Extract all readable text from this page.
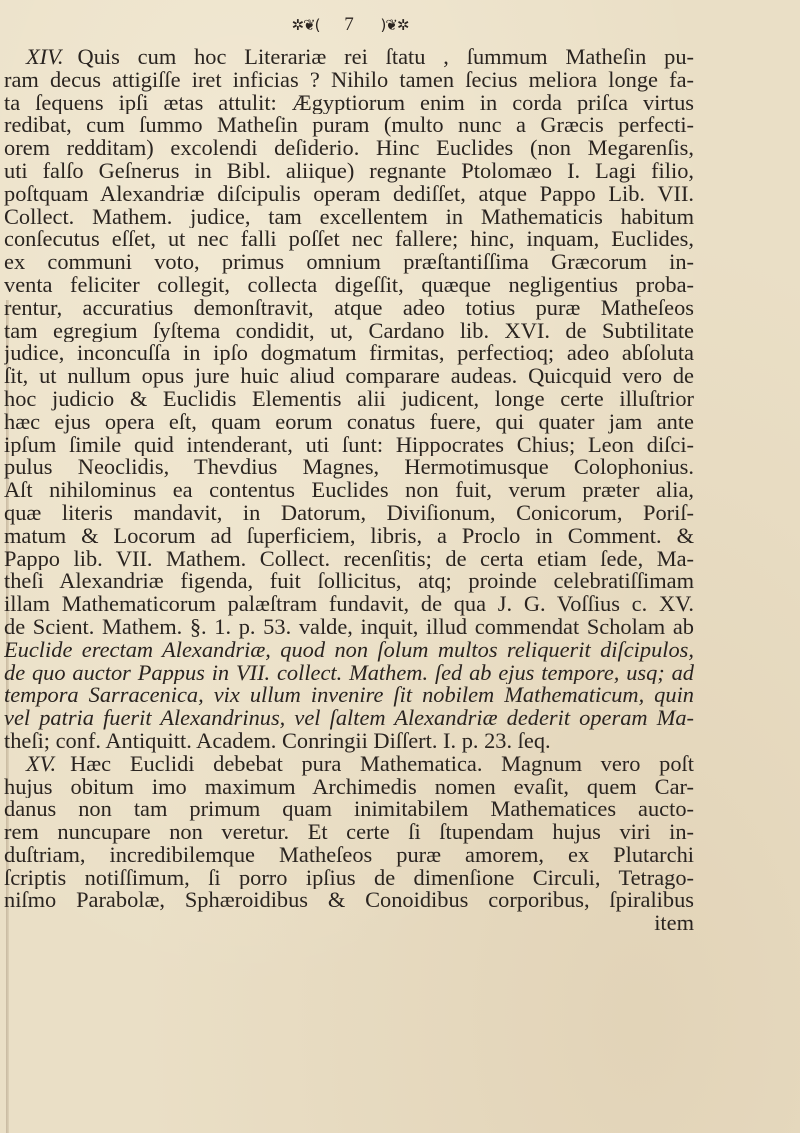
✲❦( 7 )❦✲
XIV. Quis cum hoc Literariæ rei ſtatu , ſummum Matheſin pu-
ram decus attigiſſe iret inficias ? Nihilo tamen ſecius meliora longe fa-
ta ſequens ipſi ætas attulit: Ægyptiorum enim in corda priſca virtus
redibat, cum ſummo Matheſin puram (multo nunc a Græcis perfecti-
orem redditam) excolendi deſiderio. Hinc Euclides (non Megarenſis,
uti falſo Geſnerus in Bibl. aliique) regnante Ptolomæo I. Lagi filio,
poſtquam Alexandriæ diſcipulis operam dediſſet, atque Pappo Lib. VII.
Collect. Mathem. judice, tam excellentem in Mathematicis habitum
conſecutus eſſet, ut nec falli poſſet nec fallere; hinc, inquam, Euclides,
ex communi voto, primus omnium præſtantiſſima Græcorum in-
venta feliciter collegit, collecta digeſſit, quæque negligentius proba-
rentur, accuratius demonſtravit, atque adeo totius puræ Matheſeos
tam egregium ſyſtema condidit, ut, Cardano lib. XVI. de Subtilitate
judice, inconcuſſa in ipſo dogmatum firmitas, perfectioq; adeo abſoluta
ſit, ut nullum opus jure huic aliud comparare audeas. Quicquid vero de
hoc judicio & Euclidis Elementis alii judicent, longe certe illuſtrior
hæc ejus opera eſt, quam eorum conatus fuere, qui quater jam ante
ipſum ſimile quid intenderant, uti ſunt: Hippocrates Chius; Leon diſci-
pulus Neoclidis, Thevdius Magnes, Hermotimusque Colophonius.
Aſt nihilominus ea contentus Euclides non fuit, verum præter alia,
quæ literis mandavit, in Datorum, Diviſionum, Conicorum, Poriſ-
matum & Locorum ad ſuperficiem, libris, a Proclo in Comment. &
Pappo lib. VII. Mathem. Collect. recenſitis; de certa etiam ſede, Ma-
theſi Alexandriæ figenda, fuit ſollicitus, atq; proinde celebratiſſimam
illam Mathematicorum palæſtram fundavit, de qua J. G. Voſſius c. XV.
de Scient. Mathem. §. 1. p. 53. valde, inquit, illud commendat Scholam ab
Euclide erectam Alexandriæ, quod non ſolum multos reliquerit diſcipulos,
de quo auctor Pappus in VII. collect. Mathem. ſed ab ejus tempore, usq; ad
tempora Sarracenica, vix ullum invenire ſit nobilem Mathematicum, quin
vel patria fuerit Alexandrinus, vel ſaltem Alexandriæ dederit operam Ma-
theſi; conf. Antiquitt. Academ. Conringii Diſſert. I. p. 23. ſeq.
XV. Hæc Euclidi debebat pura Mathematica. Magnum vero poſt
hujus obitum imo maximum Archimedis nomen evaſit, quem Car-
danus non tam primum quam inimitabilem Mathematices aucto-
rem nuncupare non veretur. Et certe ſi ſtupendam hujus viri in-
duſtriam, incredibilemque Matheſeos puræ amorem, ex Plutarchi
ſcriptis notiſſimum, ſi porro ipſius de dimenſione Circuli, Tetrago-
niſmo Parabolæ, Sphæroidibus & Conoidibus corporibus, ſpiralibus
item
